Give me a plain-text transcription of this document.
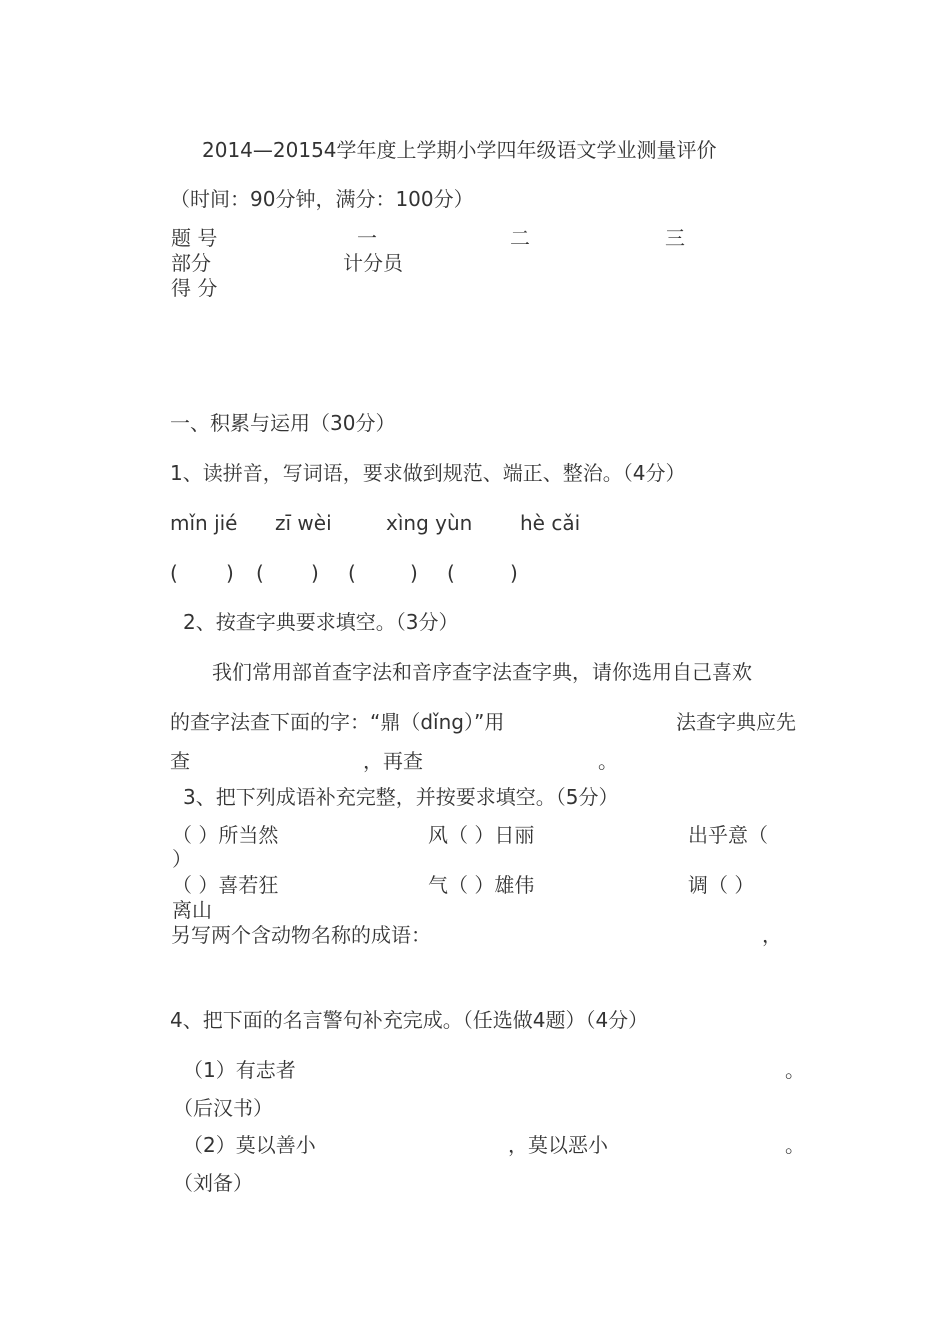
2014—20154学年度上学期小学四年级语文学业测量评价
（时间：90分钟，满分：100分）
题 号	一	二	三
部分	计分员
得 分
一、积累与运用（30分）
1、读拼音，写词语，要求做到规范、端正、整治。（4分）
mǐn jié zī wèi	xìng yùn hè cǎi
( ) ( ) (	) (	)
2、按查字典要求填空。（3分）
我们常用部首查字法和音序查字法查字典，请你选用自己喜欢
的查字法查下面的字：“鼎（dǐng）”用	法查字典应先
查	，再查	。
3、把下列成语补充完整，并按要求填空。（5分）
（ ）所当然	风（ ）日丽	出乎意（
）
（ ）喜若狂	气（ ）雄伟	调（ ）
离山
另写两个含动物名称的成语：	，
4、把下面的名言警句补充完成。（任选做4题）（4分）
（1）有志者	。
（后汉书）
（2）莫以善小	，莫以恶小	。
（刘备）
